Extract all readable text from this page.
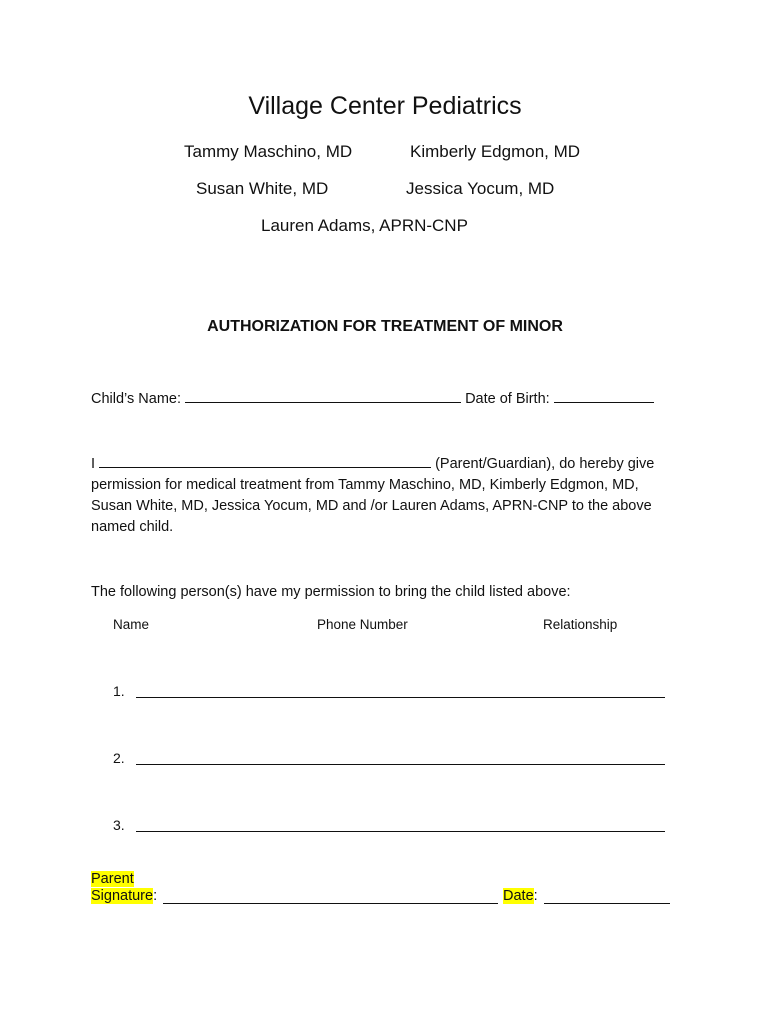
Village Center Pediatrics
Tammy Maschino, MD	Kimberly Edgmon, MD
Susan White, MD	Jessica Yocum, MD
Lauren Adams, APRN-CNP
AUTHORIZATION FOR TREATMENT OF MINOR
Child’s Name:	Date of Birth:
I	(Parent/Guardian), do hereby give
permission for medical treatment from Tammy Maschino, MD, Kimberly Edgmon, MD,
Susan White, MD, Jessica Yocum, MD and /or Lauren Adams, APRN-CNP to the above
named child.
The following person(s) have my permission to bring the child listed above:
Name	Phone Number	Relationship
1.
2.
3.
Parent
Signature:	Date:
